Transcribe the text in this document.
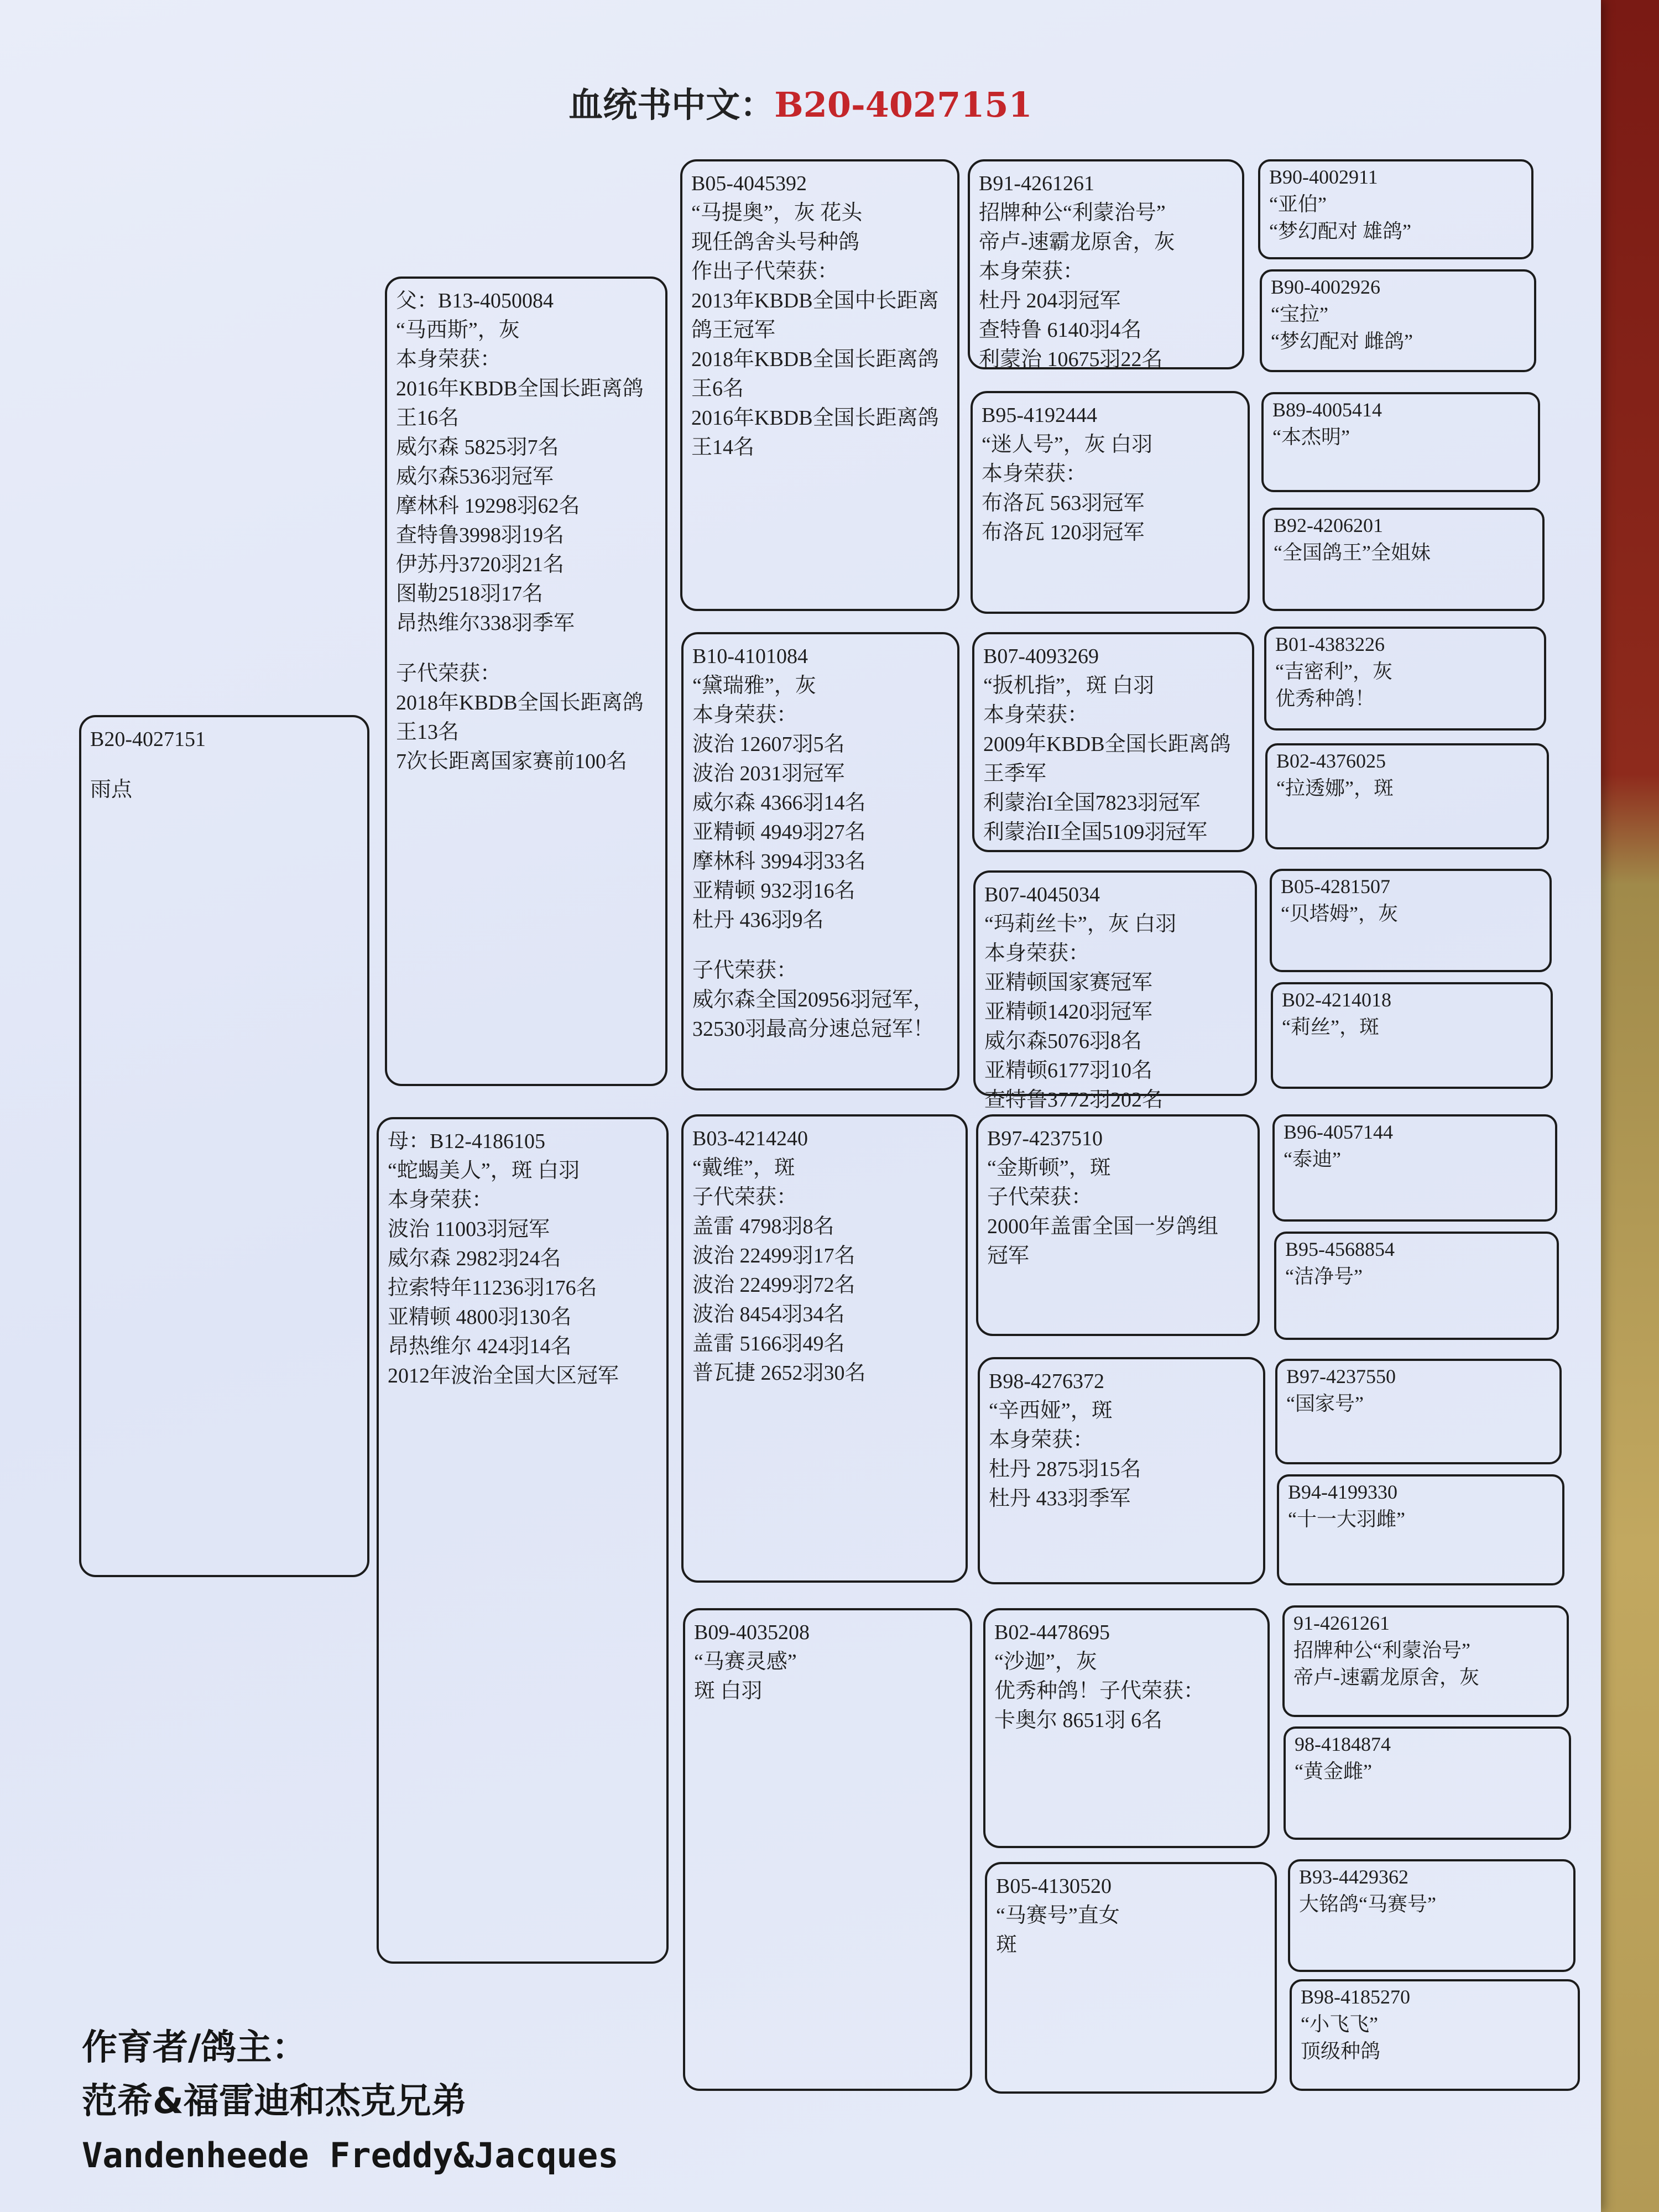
血统书中文：B20-4027151
B20-4027151
雨点
父：B13-4050084
“马西斯”，灰
本身荣获：
2016年KBDB全国长距离鸽
王16名
威尔森 5825羽7名
威尔森536羽冠军
摩林科 19298羽62名
查特鲁3998羽19名
伊苏丹3720羽21名
图勒2518羽17名
昂热维尔338羽季军
子代荣获：
2018年KBDB全国长距离鸽
王13名
7次长距离国家赛前100名
母：B12-4186105
“蛇蝎美人”，斑 白羽
本身荣获：
波治 11003羽冠军
威尔森 2982羽24名
拉索特年11236羽176名
亚精顿 4800羽130名
昂热维尔 424羽14名
2012年波治全国大区冠军
B05-4045392
“马提奥”，灰 花头
现任鸽舍头号种鸽
作出子代荣获：
2013年KBDB全国中长距离
鸽王冠军
2018年KBDB全国长距离鸽
王6名
2016年KBDB全国长距离鸽
王14名
B10-4101084
“黛瑞雅”，灰
本身荣获：
波治 12607羽5名
波治 2031羽冠军
威尔森 4366羽14名
亚精顿 4949羽27名
摩林科 3994羽33名
亚精顿 932羽16名
杜丹 436羽9名
子代荣获：
威尔森全国20956羽冠军，
32530羽最高分速总冠军！
B03-4214240
“戴维”，斑
子代荣获：
盖雷 4798羽8名
波治 22499羽17名
波治 22499羽72名
波治 8454羽34名
盖雷 5166羽49名
普瓦捷 2652羽30名
B09-4035208
“马赛灵感”
斑 白羽
B91-4261261
招牌种公“利蒙治号”
帝卢-速霸龙原舍，灰
本身荣获：
杜丹 204羽冠军
查特鲁 6140羽4名
利蒙治 10675羽22名
B95-4192444
“迷人号”，灰 白羽
本身荣获：
布洛瓦 563羽冠军
布洛瓦 120羽冠军
B07-4093269
“扳机指”，斑 白羽
本身荣获：
2009年KBDB全国长距离鸽
王季军
利蒙治I全国7823羽冠军
利蒙治II全国5109羽冠军
B07-4045034
“玛莉丝卡”，灰 白羽
本身荣获：
亚精顿国家赛冠军
亚精顿1420羽冠军
威尔森5076羽8名
亚精顿6177羽10名
查特鲁3772羽202名
B97-4237510
“金斯顿”，斑
子代荣获：
2000年盖雷全国一岁鸽组
冠军
B98-4276372
“辛西娅”，斑
本身荣获：
杜丹 2875羽15名
杜丹 433羽季军
B02-4478695
“沙迦”，灰
优秀种鸽！子代荣获：
卡奥尔 8651羽 6名
B05-4130520
“马赛号”直女
斑
B90-4002911
“亚伯”
“梦幻配对 雄鸽”
B90-4002926
“宝拉”
“梦幻配对 雌鸽”
B89-4005414
“本杰明”
B92-4206201
“全国鸽王”全姐妹
B01-4383226
“吉密利”，灰
优秀种鸽！
B02-4376025
“拉透娜”，斑
B05-4281507
“贝塔姆”，灰
B02-4214018
“莉丝”，斑
B96-4057144
“泰迪”
B95-4568854
“洁净号”
B97-4237550
“国家号”
B94-4199330
“十一大羽雌”
91-4261261
招牌种公“利蒙治号”
帝卢-速霸龙原舍，灰
98-4184874
“黄金雌”
B93-4429362
大铭鸽“马赛号”
B98-4185270
“小飞飞”
顶级种鸽
作育者/鸽主：
范希&福雷迪和杰克兄弟
Vandenheede Freddy&Jacques
